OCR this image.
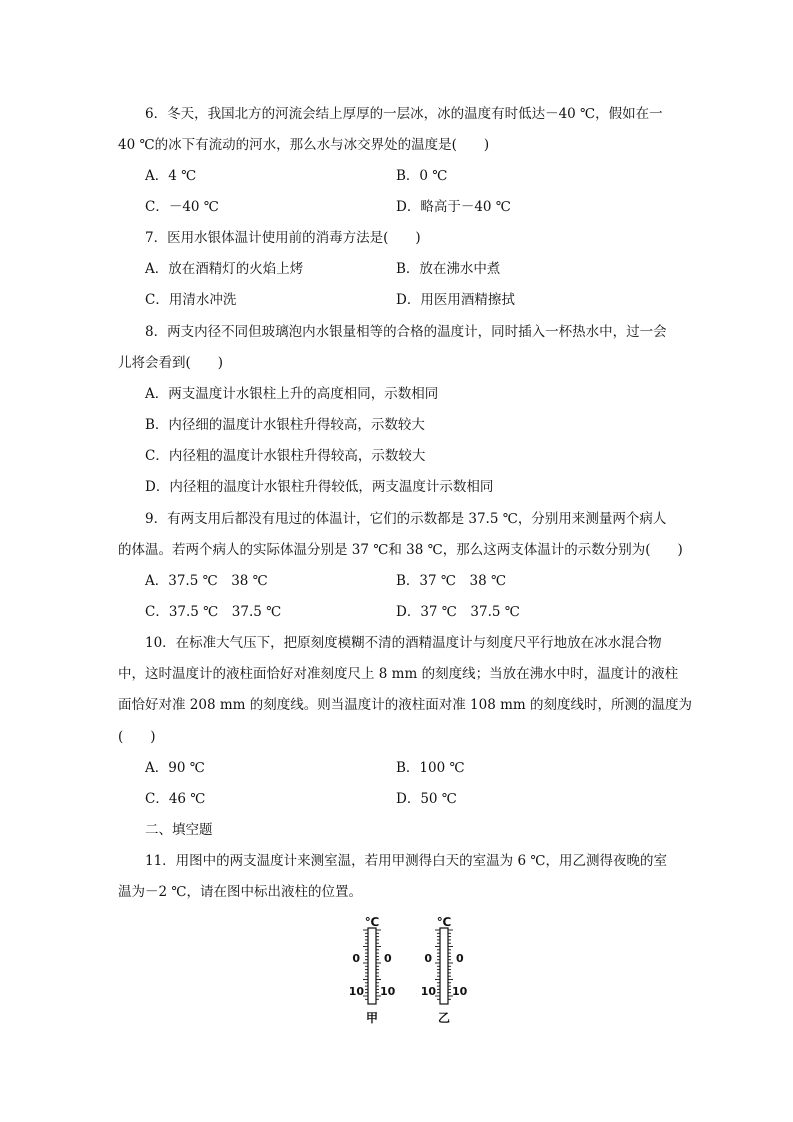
6．冬天，我国北方的河流会结上厚厚的一层冰，冰的温度有时低达－40 ℃，假如在一
40 ℃的冰下有流动的河水，那么水与冰交界处的温度是(　　)
A．4 ℃	B．0 ℃
C．－40 ℃	D．略高于－40 ℃
7．医用水银体温计使用前的消毒方法是(　　)
A．放在酒精灯的火焰上烤	B．放在沸水中煮
C．用清水冲洗	D．用医用酒精擦拭
8．两支内径不同但玻璃泡内水银量相等的合格的温度计，同时插入一杯热水中，过一会
儿将会看到(　　)
A．两支温度计水银柱上升的高度相同，示数相同
B．内径细的温度计水银柱升得较高，示数较大
C．内径粗的温度计水银柱升得较高，示数较大
D．内径粗的温度计水银柱升得较低，两支温度计示数相同
9．有两支用后都没有甩过的体温计，它们的示数都是 37.5 ℃，分别用来测量两个病人
的体温。若两个病人的实际体温分别是 37 ℃和 38 ℃，那么这两支体温计的示数分别为(　　)
A．37.5 ℃　38 ℃	B．37 ℃　38 ℃
C．37.5 ℃　37.5 ℃	D．37 ℃　37.5 ℃
10．在标准大气压下，把原刻度模糊不清的酒精温度计与刻度尺平行地放在冰水混合物
中，这时温度计的液柱面恰好对准刻度尺上 8 mm 的刻度线；当放在沸水中时，温度计的液柱
面恰好对准 208 mm 的刻度线。则当温度计的液柱面对准 108 mm 的刻度线时，所测的温度为
(　　)
A．90 ℃	B．100 ℃
C．46 ℃	D．50 ℃
二、填空题
11．用图中的两支温度计来测室温，若用甲测得白天的室温为 6 ℃，用乙测得夜晚的室
温为－2 ℃，请在图中标出液柱的位置。
℃
0 0
10 10
甲
℃
0 0
10 10
乙
